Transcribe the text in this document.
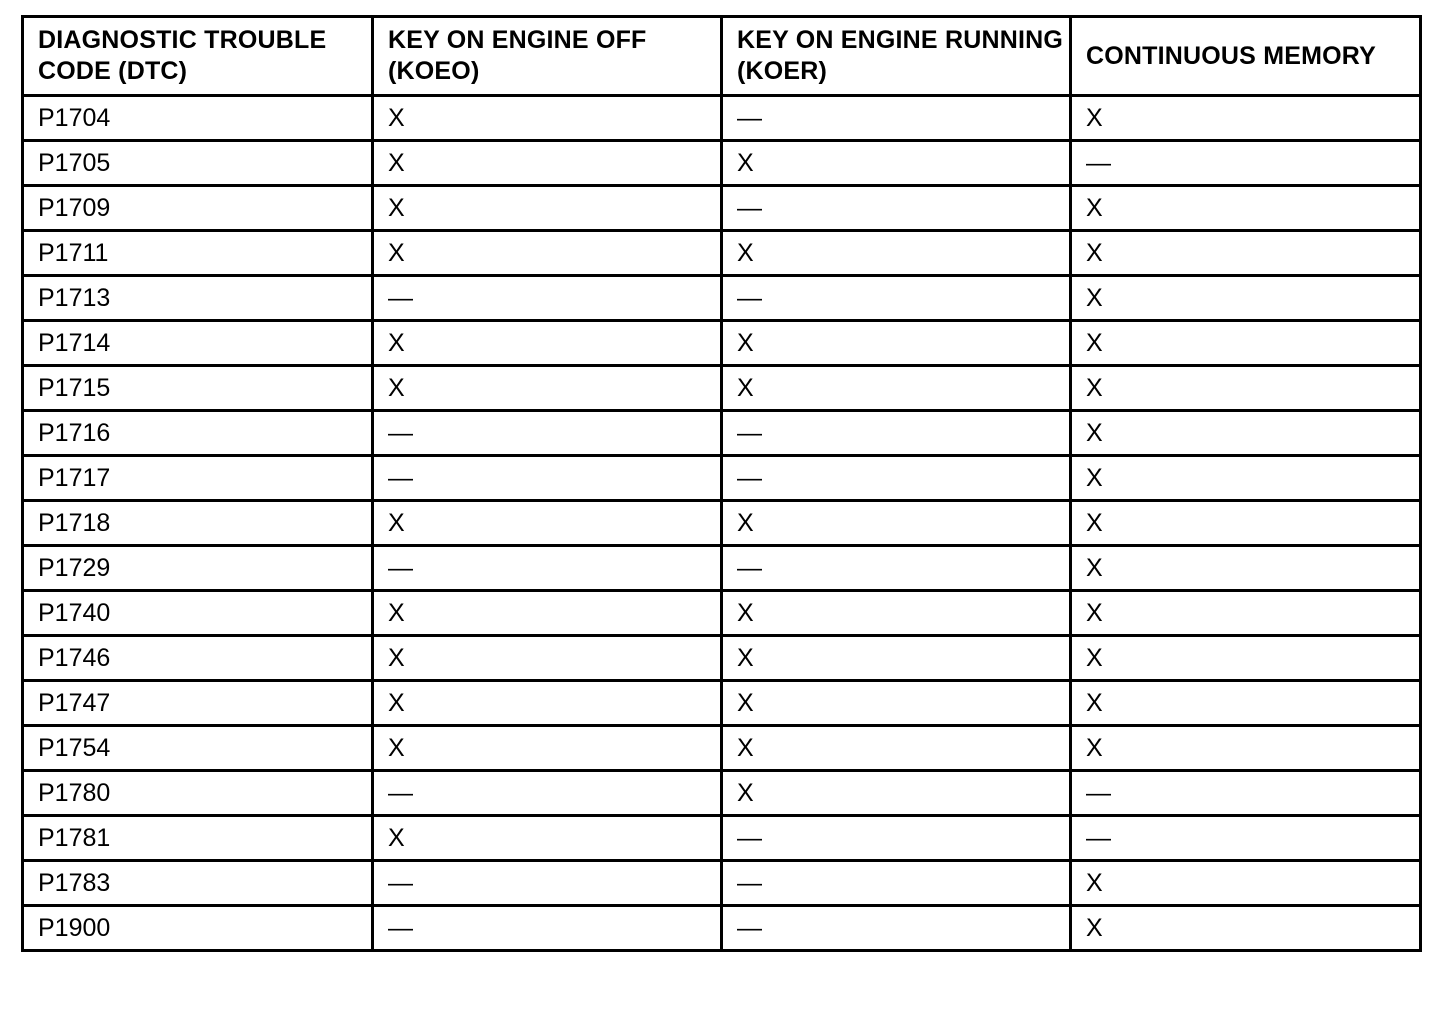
DIAGNOSTIC TROUBLE CODE (DTC)	KEY ON ENGINE OFF (KOEO)	KEY ON ENGINE RUNNING (KOER)	CONTINUOUS MEMORY
P1704	X	—	X
P1705	X	X	—
P1709	X	—	X
P1711	X	X	X
P1713	—	—	X
P1714	X	X	X
P1715	X	X	X
P1716	—	—	X
P1717	—	—	X
P1718	X	X	X
P1729	—	—	X
P1740	X	X	X
P1746	X	X	X
P1747	X	X	X
P1754	X	X	X
P1780	—	X	—
P1781	X	—	—
P1783	—	—	X
P1900	—	—	X
